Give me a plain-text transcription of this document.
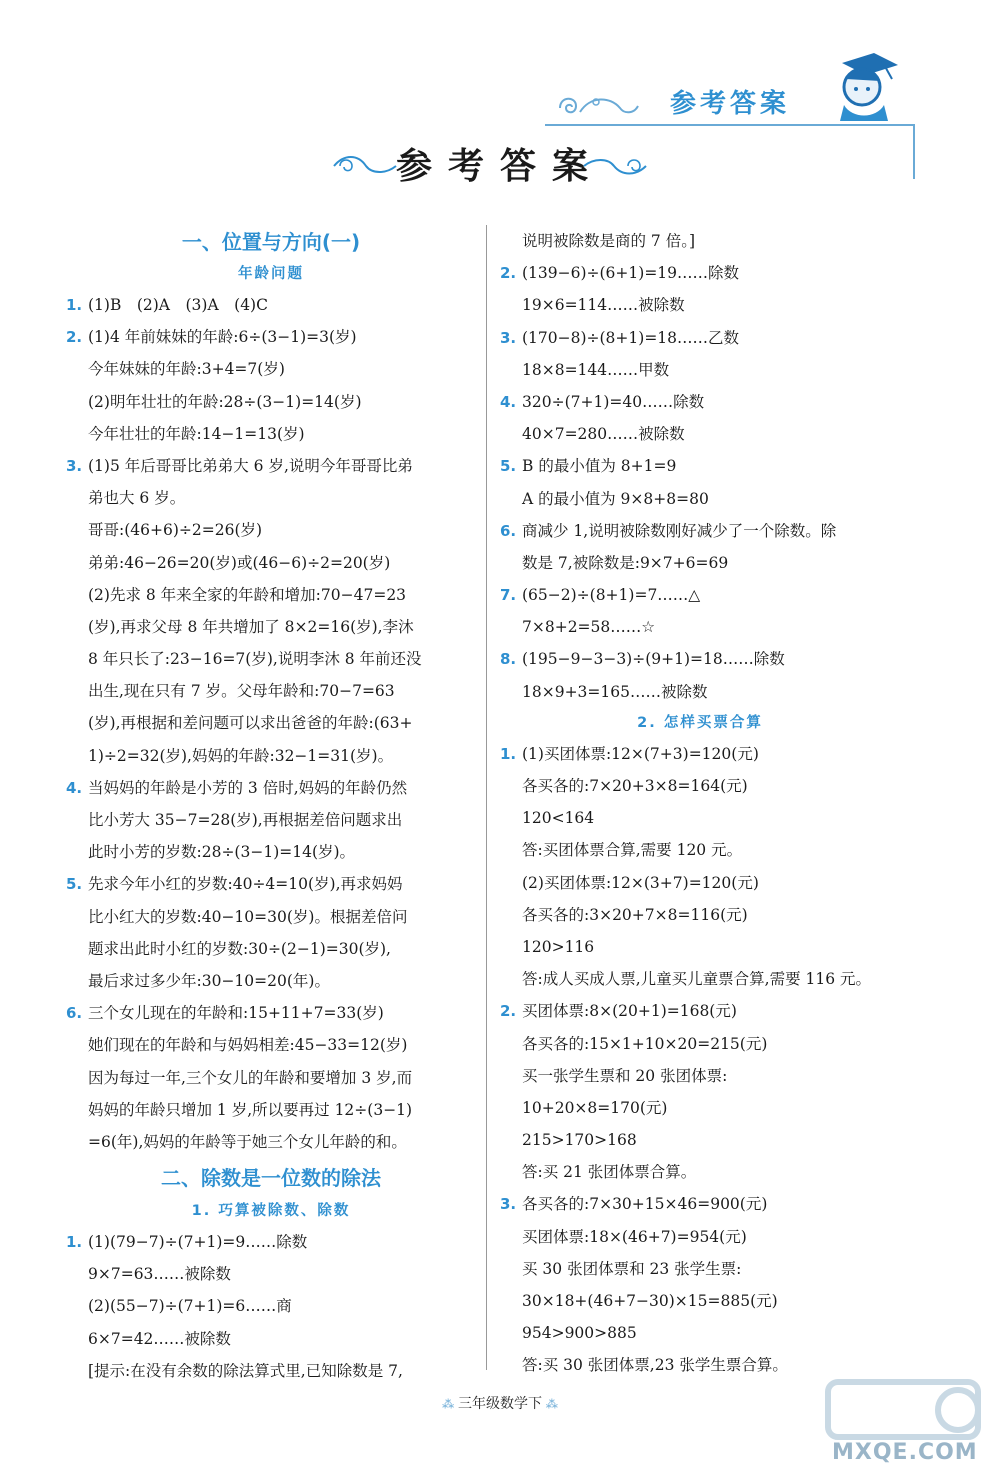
参考答案
参考答案
一、位置与方向(一)
年龄问题
1. (1)B　(2)A　(3)A　(4)C
2. (1)4 年前妹妹的年龄:6÷(3−1)=3(岁)
今年妹妹的年龄:3+4=7(岁)
(2)明年壮壮的年龄:28÷(3−1)=14(岁)
今年壮壮的年龄:14−1=13(岁)
3. (1)5 年后哥哥比弟弟大 6 岁,说明今年哥哥比弟
弟也大 6 岁。
哥哥:(46+6)÷2=26(岁)
弟弟:46−26=20(岁)或(46−6)÷2=20(岁)
(2)先求 8 年来全家的年龄和增加:70−47=23
(岁),再求父母 8 年共增加了 8×2=16(岁),李沐
8 年只长了:23−16=7(岁),说明李沐 8 年前还没
出生,现在只有 7 岁。父母年龄和:70−7=63
(岁),再根据和差问题可以求出爸爸的年龄:(63+
1)÷2=32(岁),妈妈的年龄:32−1=31(岁)。
4. 当妈妈的年龄是小芳的 3 倍时,妈妈的年龄仍然
比小芳大 35−7=28(岁),再根据差倍问题求出
此时小芳的岁数:28÷(3−1)=14(岁)。
5. 先求今年小红的岁数:40÷4=10(岁),再求妈妈
比小红大的岁数:40−10=30(岁)。根据差倍问
题求出此时小红的岁数:30÷(2−1)=30(岁),
最后求过多少年:30−10=20(年)。
6. 三个女儿现在的年龄和:15+11+7=33(岁)
她们现在的年龄和与妈妈相差:45−33=12(岁)
因为每过一年,三个女儿的年龄和要增加 3 岁,而
妈妈的年龄只增加 1 岁,所以要再过 12÷(3−1)
=6(年),妈妈的年龄等于她三个女儿年龄的和。
二、除数是一位数的除法
1. 巧算被除数、除数
1. (1)(79−7)÷(7+1)=9……除数
9×7=63……被除数
(2)(55−7)÷(7+1)=6……商
6×7=42……被除数
[提示:在没有余数的除法算式里,已知除数是 7,
说明被除数是商的 7 倍。]
2. (139−6)÷(6+1)=19……除数
19×6=114……被除数
3. (170−8)÷(8+1)=18……乙数
18×8=144……甲数
4. 320÷(7+1)=40……除数
40×7=280……被除数
5. B 的最小值为 8+1=9
A 的最小值为 9×8+8=80
6. 商减少 1,说明被除数刚好减少了一个除数。除
数是 7,被除数是:9×7+6=69
7. (65−2)÷(8+1)=7……△
7×8+2=58……☆
8. (195−9−3−3)÷(9+1)=18……除数
18×9+3=165……被除数
2. 怎样买票合算
1. (1)买团体票:12×(7+3)=120(元)
各买各的:7×20+3×8=164(元)
120<164
答:买团体票合算,需要 120 元。
(2)买团体票:12×(3+7)=120(元)
各买各的:3×20+7×8=116(元)
120>116
答:成人买成人票,儿童买儿童票合算,需要 116 元。
2. 买团体票:8×(20+1)=168(元)
各买各的:15×1+10×20=215(元)
买一张学生票和 20 张团体票:
10+20×8=170(元)
215>170>168
答:买 21 张团体票合算。
3. 各买各的:7×30+15×46=900(元)
买团体票:18×(46+7)=954(元)
买 30 张团体票和 23 张学生票:
30×18+(46+7−30)×15=885(元)
954>900>885
答:买 30 张团体票,23 张学生票合算。
⁂ 三年级数学下 ⁂
MXQE.COM
